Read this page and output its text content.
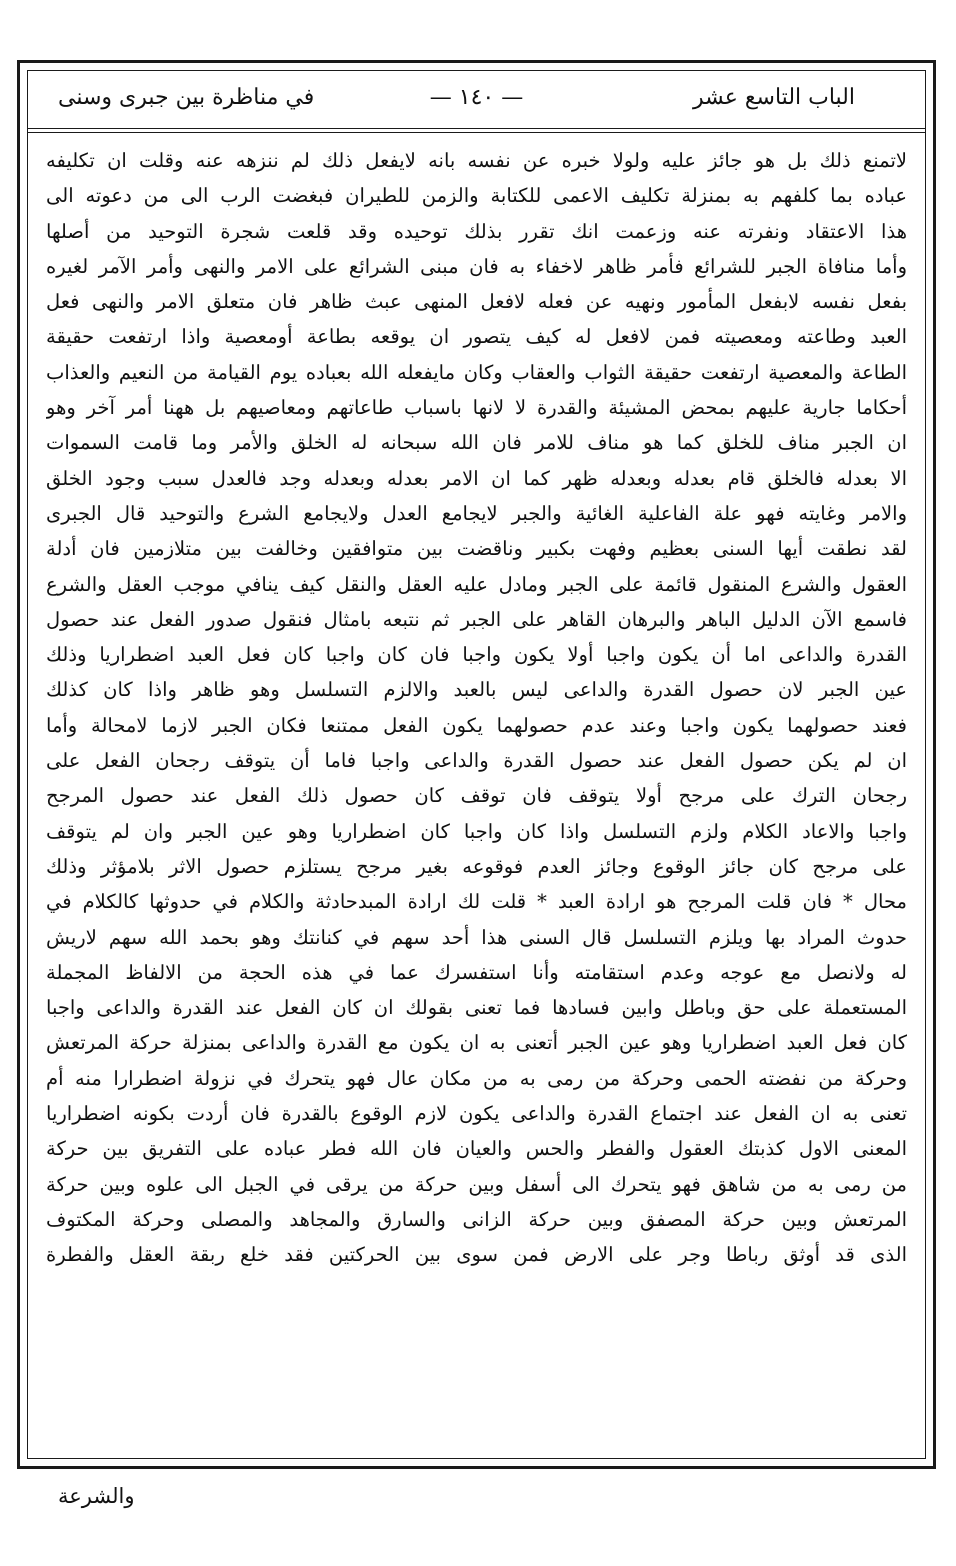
الباب التاسع عشر
— ١٤٠ —
في مناظرة بين جبرى وسنى
لاتمنع ذلك بل هو جائز عليه ولولا خبره عن نفسه بانه لايفعل ذلك لم ننزهه عنه وقلت ان تكليفه
عباده بما كلفهم به بمنزلة تكليف الاعمى للكتابة والزمن للطيران فبغضت الرب الى من دعوته الى
هذا الاعتقاد ونفرته عنه وزعمت انك تقرر بذلك توحيده وقد قلعت شجرة التوحيد من أصلها
وأما منافاة الجبر للشرائع فأمر ظاهر لاخفاء به فان مبنى الشرائع على الامر والنهى وأمر الآمر لغيره
بفعل نفسه لابفعل المأمور ونهيه عن فعله لافعل المنهى عبث ظاهر فان متعلق الامر والنهى فعل
العبد وطاعته ومعصيته فمن لافعل له كيف يتصور ان يوقعه بطاعة أومعصية واذا ارتفعت حقيقة
الطاعة والمعصية ارتفعت حقيقة الثواب والعقاب وكان مايفعله الله بعباده يوم القيامة من النعيم والعذاب
أحكاما جارية عليهم بمحض المشيئة والقدرة لا لانها باسباب طاعاتهم ومعاصيهم بل ههنا أمر آخر وهو
ان الجبر مناف للخلق كما هو مناف للامر فان الله سبحانه له الخلق والأمر وما قامت السموات
الا بعدله فالخلق قام بعدله وبعدله ظهر كما ان الامر بعدله وبعدله وجد فالعدل سبب وجود الخلق
والامر وغايته فهو علة الفاعلية الغائية والجبر لايجامع العدل ولايجامع الشرع والتوحيد قال الجبرى
لقد نطقت أيها السنى بعظيم وفهت بكبير وناقضت بين متوافقين وخالفت بين متلازمين فان أدلة
العقول والشرع المنقول قائمة على الجبر ومادل عليه العقل والنقل كيف ينافي موجب العقل والشرع
فاسمع الآن الدليل الباهر والبرهان القاهر على الجبر ثم نتبعه بامثال فنقول صدور الفعل عند حصول
القدرة والداعى اما أن يكون واجبا أولا يكون واجبا فان كان واجبا كان فعل العبد اضطراريا وذلك
عين الجبر لان حصول القدرة والداعى ليس بالعبد والالزم التسلسل وهو ظاهر واذا كان كذلك
فعند حصولهما يكون واجبا وعند عدم حصولهما يكون الفعل ممتنعا فكان الجبر لازما لامحالة وأما
ان لم يكن حصول الفعل عند حصول القدرة والداعى واجبا فاما أن يتوقف رجحان الفعل على
رجحان الترك على مرجح أولا يتوقف فان توقف كان حصول ذلك الفعل عند حصول المرجح
واجبا والاعاد الكلام ولزم التسلسل واذا كان واجبا كان اضطراريا وهو عين الجبر وان لم يتوقف
على مرجح كان جائز الوقوع وجائز العدم فوقوعه بغير مرجح يستلزم حصول الاثر بلامؤثر وذلك
محال * فان قلت المرجح هو ارادة العبد * قلت لك ارادة المبدحادثة والكلام في حدوثها كالكلام في
حدوث المراد بها ويلزم التسلسل قال السنى هذا أحد سهم في كنانتك وهو بحمد الله سهم لاريش
له ولانصل مع عوجه وعدم استقامته وأنا استفسرك عما في هذه الحجة من الالفاظ المجملة
المستعملة على حق وباطل وابين فسادها فما تعنى بقولك ان كان الفعل عند القدرة والداعى واجبا
كان فعل العبد اضطراريا وهو عين الجبر أتعنى به ان يكون مع القدرة والداعى بمنزلة حركة المرتعش
وحركة من نفضته الحمى وحركة من رمى به من مكان عال فهو يتحرك في نزولة اضطرارا منه أم
تعنى به ان الفعل عند اجتماع القدرة والداعى يكون لازم الوقوع بالقدرة فان أردت بكونه اضطراريا
المعنى الاول كذبتك العقول والفطر والحس والعيان فان الله فطر عباده على التفريق بين حركة
من رمى به من شاهق فهو يتحرك الى أسفل وبين حركة من يرقى في الجبل الى علوه وبين حركة
المرتعش وبين حركة المصفق وبين حركة الزانى والسارق والمجاهد والمصلى وحركة المكتوف
الذى قد أوثق رباطا وجر على الارض فمن سوى بين الحركتين فقد خلع ربقة العقل والفطرة
والشرعة
